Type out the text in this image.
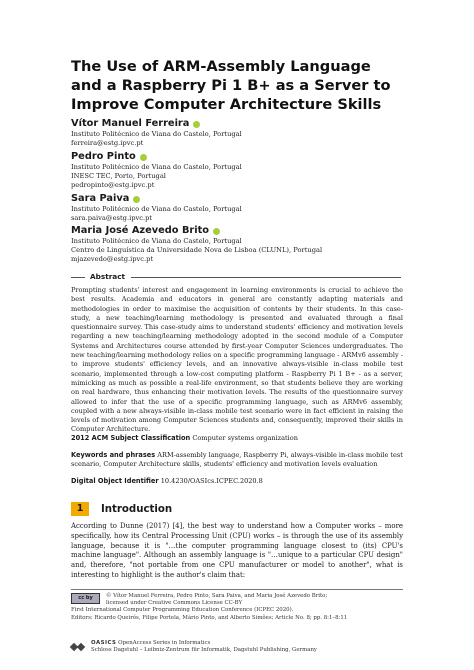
The Use of ARM-Assembly Language and a Raspberry Pi 1 B+ as a Server to Improve Computer Architecture Skills
Vítor Manuel Ferreira
Instituto Politécnico de Viana do Castelo, Portugal
ferreira@estg.ipvc.pt
Pedro Pinto
Instituto Politécnico de Viana do Castelo, Portugal
INESC TEC, Porto, Portugal
pedropinto@estg.ipvc.pt
Sara Paiva
Instituto Politécnico de Viana do Castelo, Portugal
sara.paiva@estg.ipvc.pt
Maria José Azevedo Brito
Instituto Politécnico de Viana do Castelo, Portugal
Centro de Linguística da Universidade Nova de Lisboa (CLUNL), Portugal
mjazevedo@estg.ipvc.pt
Abstract
Prompting students' interest and engagement in learning environments is crucial to achieve the best results. Academia and educators in general are constantly adapting materials and methodologies in order to maximise the acquisition of contents by their students. In this case-study, a new teaching/learning methodology is presented and evaluated through a final questionnaire survey. This case-study aims to understand students' efficiency and motivation levels regarding a new teaching/learning methodology adopted in the second module of a Computer Systems and Architectures course attended by first-year Computer Sciences undergraduates. The new teaching/learning methodology relies on a specific programming language - ARMv6 assembly - to improve students' efficiency levels, and an innovative always-visible in-class mobile test scenario, implemented through a low-cost computing platform - Raspberry Pi 1 B+ - as a server, mimicking as much as possible a real-life environment, so that students believe they are working on real hardware, thus enhancing their motivation levels. The results of the questionnaire survey allowed to infer that the use of a specific programming language, such as ARMv6 assembly, coupled with a new always-visible in-class mobile test scenario were in fact efficient in raising the levels of motivation among Computer Sciences students and, consequently, improved their skills in Computer Architecture.
2012 ACM Subject Classification Computer systems organization
Keywords and phrases ARM-assembly language, Raspberry Pi, always-visible in-class mobile test scenario, Computer Architecture skills, students' efficiency and motivation levels evaluation
Digital Object Identifier 10.4230/OASIcs.ICPEC.2020.8
1	Introduction
According to Dunne (2017) [4], the best way to understand how a Computer works – more specifically, how its Central Processing Unit (CPU) works – is through the use of its assembly language, because it is "…the computer programming language closest to (its) CPU's machine language". Although an assembly language is "…unique to a particular CPU design" and, therefore, "not portable from one CPU manufacturer or model to another", what is interesting to highlight is the author's claim that:
cc by	© Vítor Manuel Ferreira, Pedro Pinto, Sara Paiva, and Maria José Azevedo Brito;
licensed under Creative Commons License CC-BY
First International Computer Programming Education Conference (ICPEC 2020).
Editors: Ricardo Queirós, Filipe Portela, Mário Pinto, and Alberto Simões; Article No. 8; pp. 8:1–8:11
OASICS OpenAccess Series in Informatics
Schloss Dagstuhl – Leibniz-Zentrum für Informatik, Dagstuhl Publishing, Germany
